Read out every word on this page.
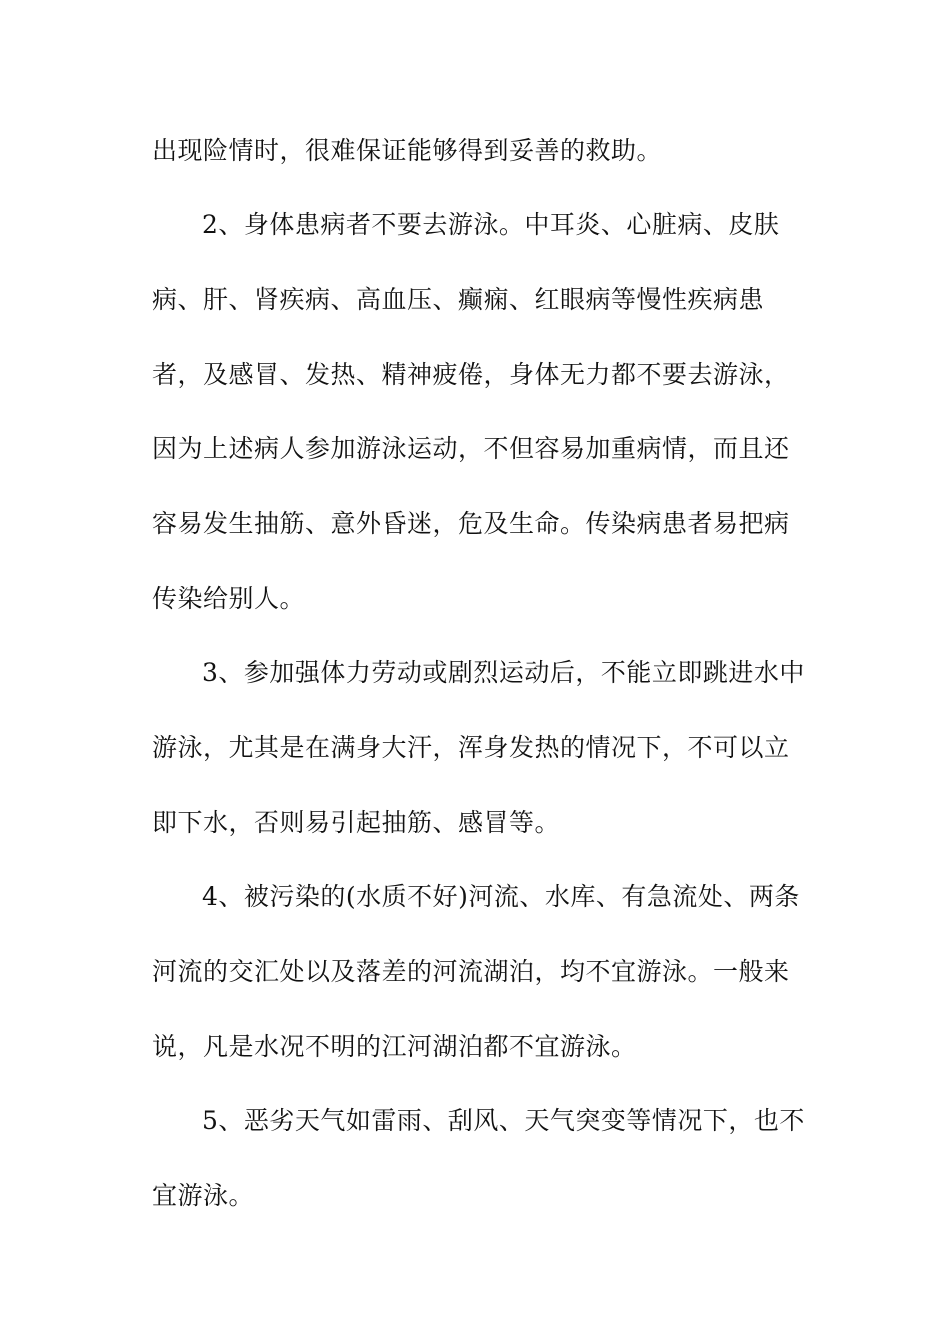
出现险情时，很难保证能够得到妥善的救助。
2、身体患病者不要去游泳。中耳炎、心脏病、皮肤
病、肝、肾疾病、高血压、癫痫、红眼病等慢性疾病患
者，及感冒、发热、精神疲倦，身体无力都不要去游泳，
因为上述病人参加游泳运动，不但容易加重病情，而且还
容易发生抽筋、意外昏迷，危及生命。传染病患者易把病
传染给别人。
3、参加强体力劳动或剧烈运动后，不能立即跳进水中
游泳，尤其是在满身大汗，浑身发热的情况下，不可以立
即下水，否则易引起抽筋、感冒等。
4、被污染的(水质不好)河流、水库、有急流处、两条
河流的交汇处以及落差的河流湖泊，均不宜游泳。一般来
说，凡是水况不明的江河湖泊都不宜游泳。
5、恶劣天气如雷雨、刮风、天气突变等情况下，也不
宜游泳。
